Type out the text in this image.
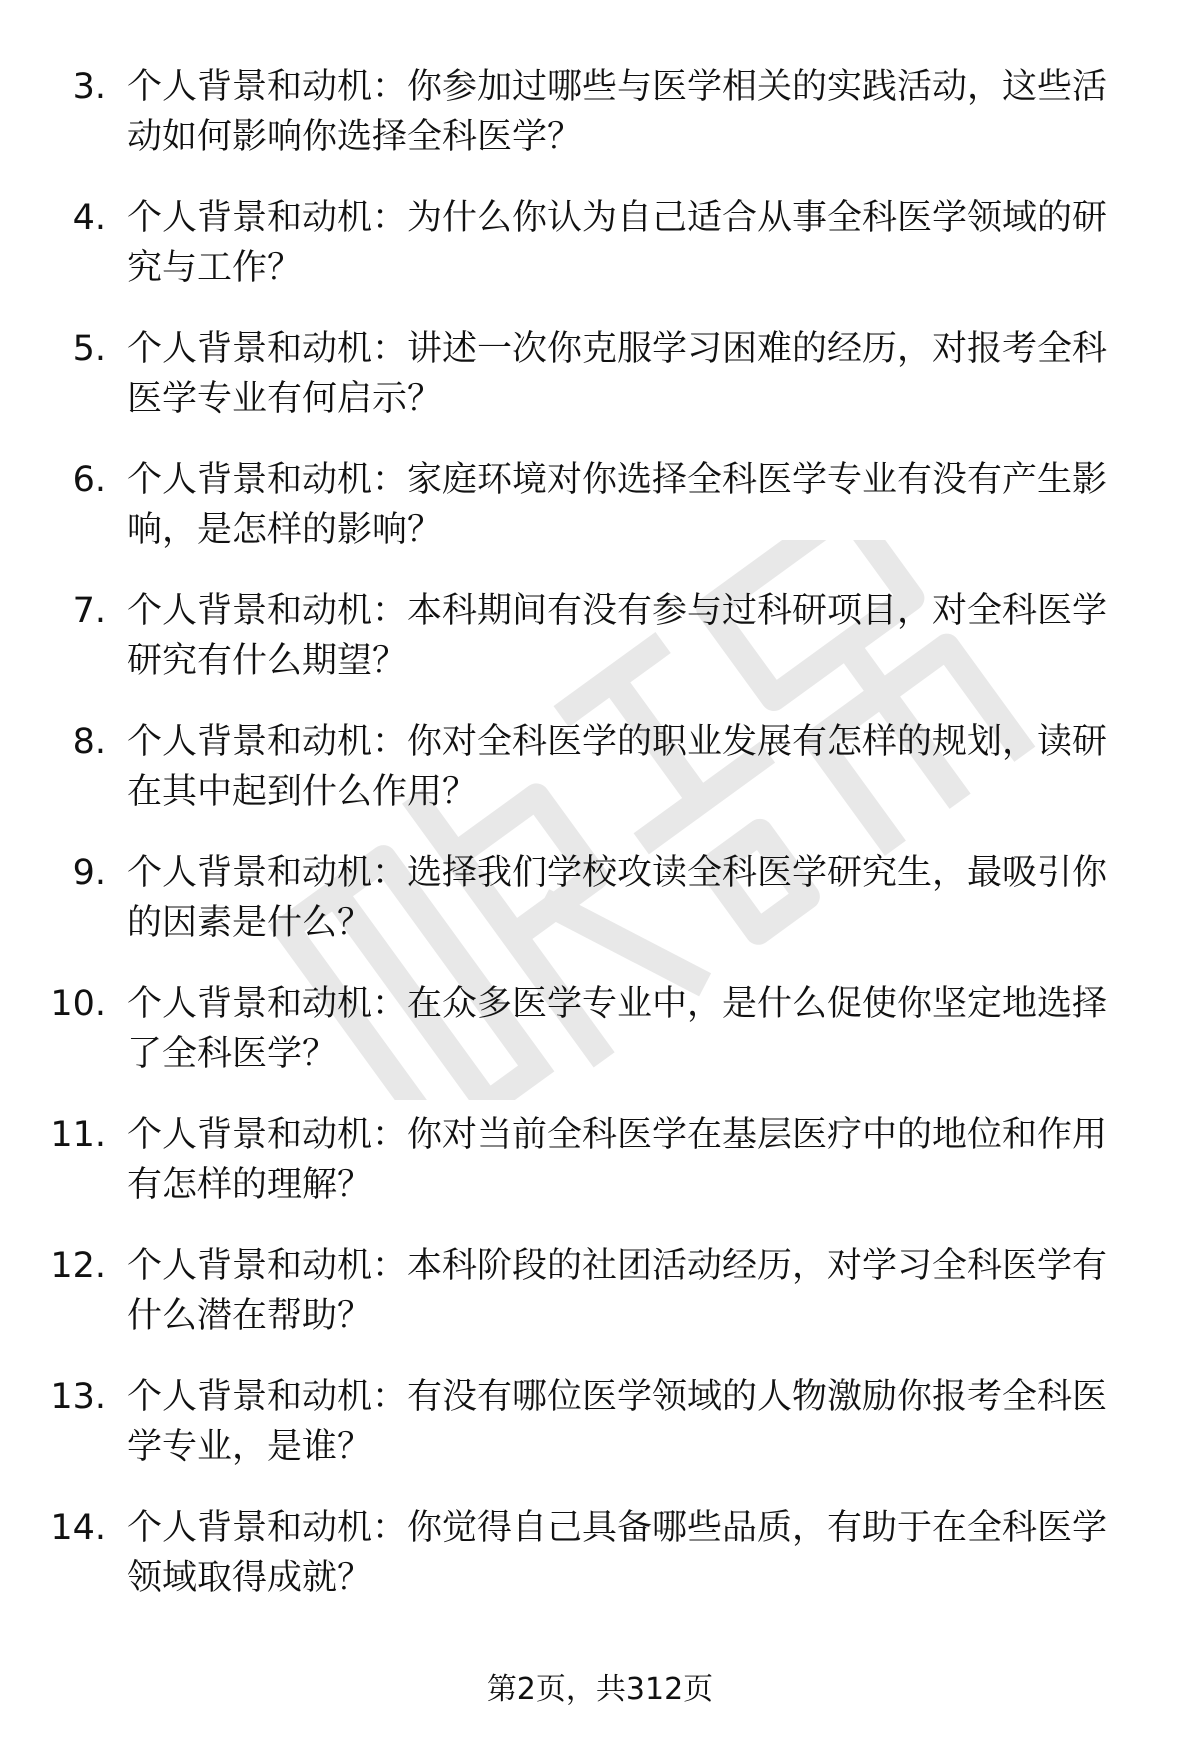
3. 个人背景和动机：你参加过哪些与医学相关的实践活动，这些活动如何影响你选择全科医学？
4. 个人背景和动机：为什么你认为自己适合从事全科医学领域的研究与工作？
5. 个人背景和动机：讲述一次你克服学习困难的经历，对报考全科医学专业有何启示？
6. 个人背景和动机：家庭环境对你选择全科医学专业有没有产生影响，是怎样的影响？
7. 个人背景和动机：本科期间有没有参与过科研项目，对全科医学研究有什么期望？
8. 个人背景和动机：你对全科医学的职业发展有怎样的规划，读研在其中起到什么作用？
9. 个人背景和动机：选择我们学校攻读全科医学研究生，最吸引你的因素是什么？
10. 个人背景和动机：在众多医学专业中，是什么促使你坚定地选择了全科医学？
11. 个人背景和动机：你对当前全科医学在基层医疗中的地位和作用有怎样的理解？
12. 个人背景和动机：本科阶段的社团活动经历，对学习全科医学有什么潜在帮助？
13. 个人背景和动机：有没有哪位医学领域的人物激励你报考全科医学专业，是谁？
14. 个人背景和动机：你觉得自己具备哪些品质，有助于在全科医学领域取得成就？
第2页，共312页
